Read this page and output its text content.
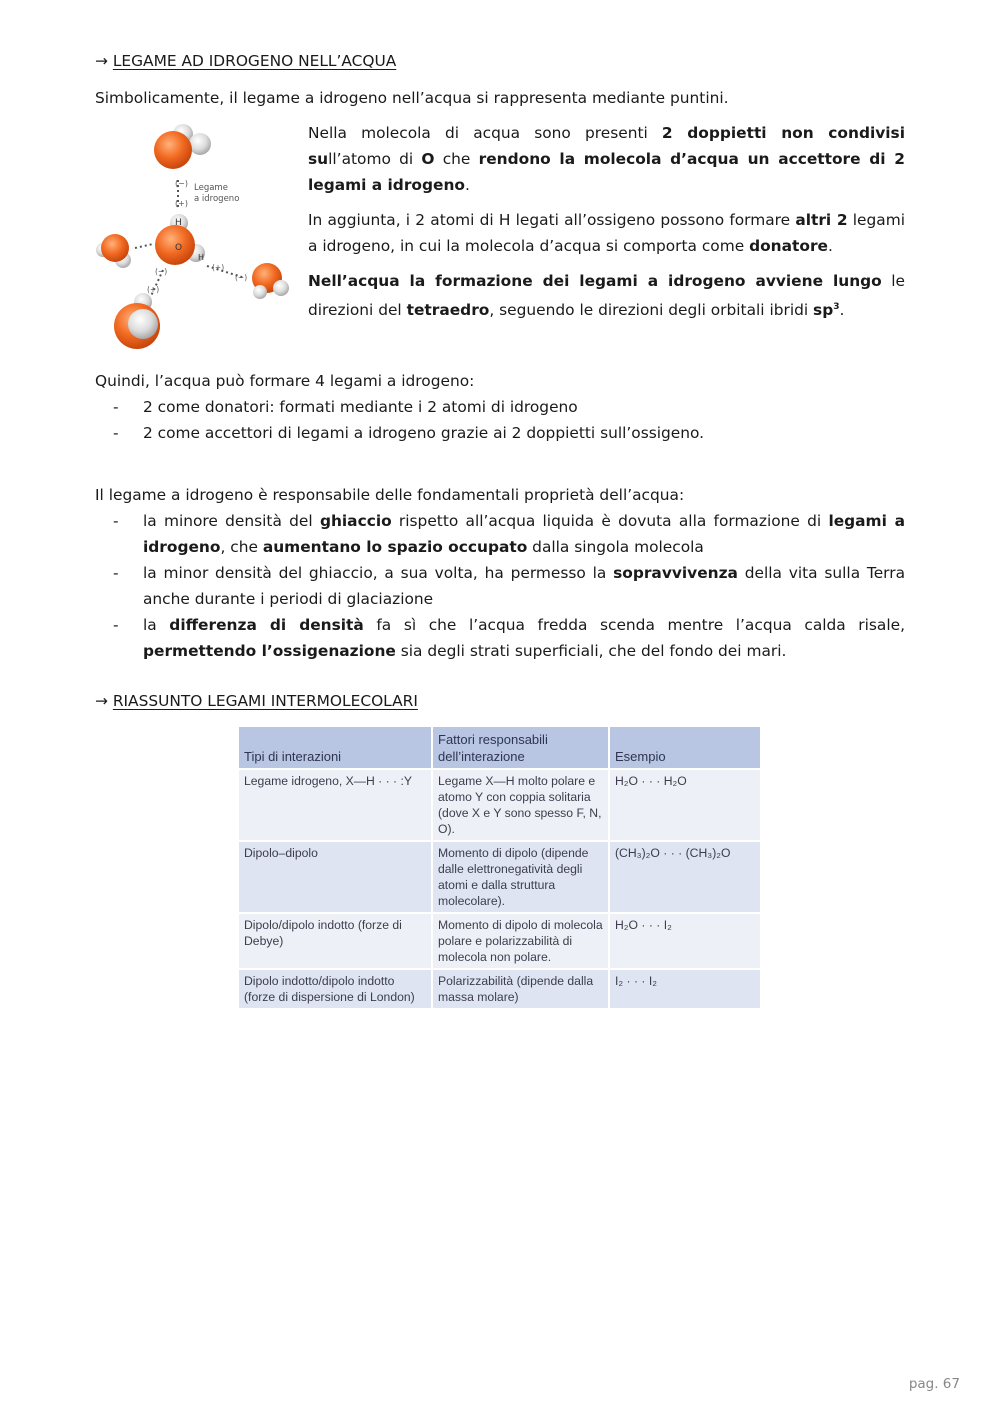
→ LEGAME AD IDROGENO NELL’ACQUA
Simbolicamente, il legame a idrogeno nell’acqua si rappresenta mediante puntini.
(−)
(+)
Legame
a idrogeno
H
O
H
(+)
(−)
(−)
(+)

Nella molecola di acqua sono presenti 2 doppietti non condivisi sull’atomo di O che rendono la molecola d’acqua un accettore di 2 legami a idrogeno.

In aggiunta, i 2 atomi di H legati all’ossigeno possono formare altri 2 legami a idrogeno, in cui la molecola d’acqua si comporta come donatore.

Nell’acqua la formazione dei legami a idrogeno avviene lungo le direzioni del tetraedro, seguendo le direzioni degli orbitali ibridi $sp^3$.

Quindi, l’acqua può formare 4 legami a idrogeno:
- 2 come donatori: formati mediante i 2 atomi di idrogeno
- 2 come accettori di legami a idrogeno grazie ai 2 doppietti sull’ossigeno.
Il legame a idrogeno è responsabile delle fondamentali proprietà dell’acqua:
- la minore densità del ghiaccio rispetto all’acqua liquida è dovuta alla formazione di legami a idrogeno, che aumentano lo spazio occupato dalla singola molecola
- la minor densità del ghiaccio, a sua volta, ha permesso la sopravvivenza della vita sulla Terra anche durante i periodi di glaciazione
- la differenza di densità fa sì che l’acqua fredda scenda mentre l’acqua calda risale, permettendo l’ossigenazione sia degli strati superficiali, che del fondo dei mari.
→ RIASSUNTO LEGAMI INTERMOLECOLARI
Tipi di interazioni	Fattori responsabili dell’interazione	Esempio
Legame idrogeno, X—H · · · :Y	Legame X—H molto polare e atomo Y con coppia solitaria (dove X e Y sono spesso F, N, O).	H₂O · · · H₂O
Dipolo–dipolo	Momento di dipolo (dipende dalle elettronegatività degli atomi e dalla struttura molecolare).	(CH₃)₂O · · · (CH₃)₂O
Dipolo/dipolo indotto (forze di Debye)	Momento di dipolo di molecola polare e polarizzabilità di molecola non polare.	H₂O · · · I₂
Dipolo indotto/dipolo indotto (forze di dispersione di London)	Polarizzabilità (dipende dalla massa molare)	I₂ · · · I₂
pag. 67
